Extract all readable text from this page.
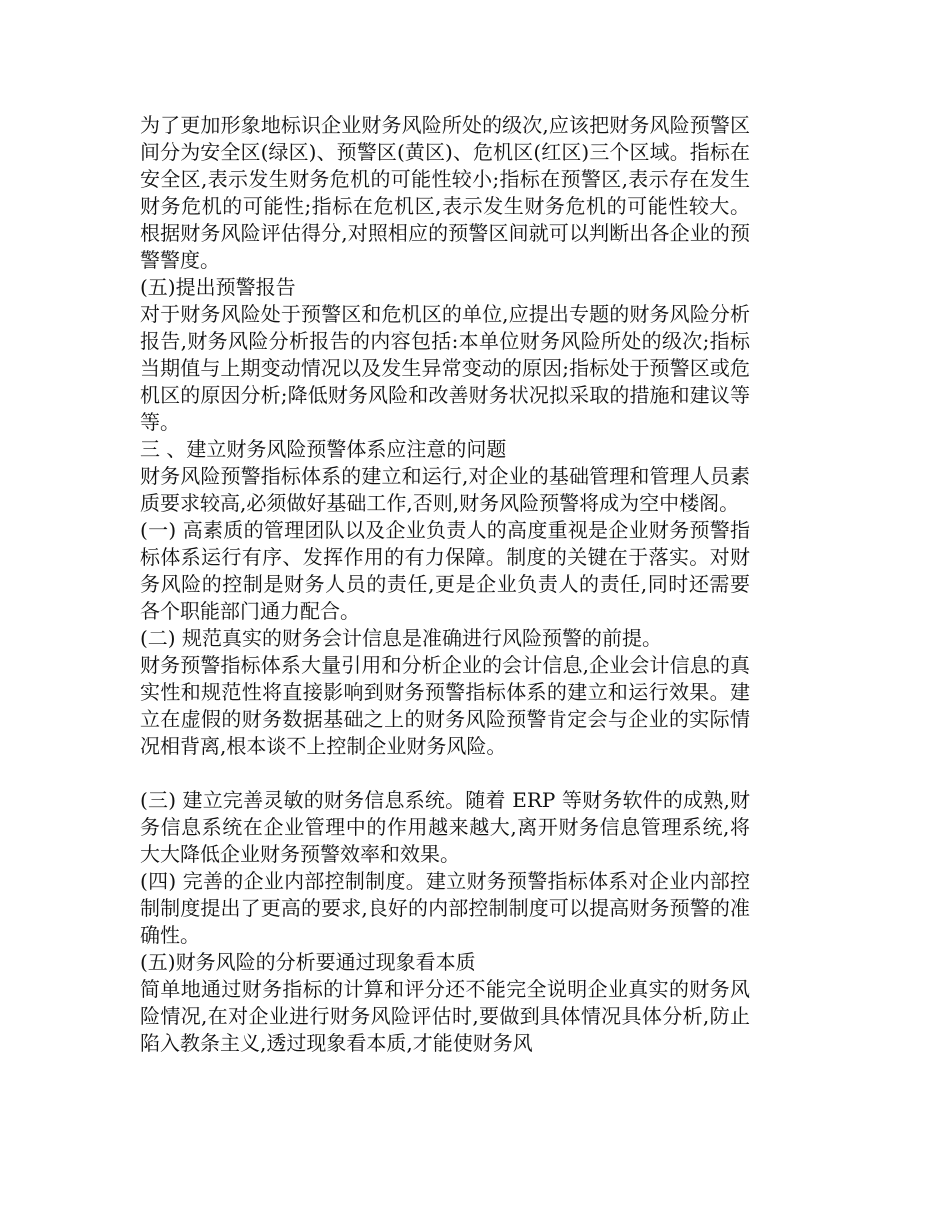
为了更加形象地标识企业财务风险所处的级次,应该把财务风险预警区间分为安全区(绿区)、预警区(黄区)、危机区(红区)三个区域。指标在安全区,表示发生财务危机的可能性较小;指标在预警区,表示存在发生财务危机的可能性;指标在危机区,表示发生财务危机的可能性较大。根据财务风险评估得分,对照相应的预警区间就可以判断出各企业的预警警度。

(五)提出预警报告

对于财务风险处于预警区和危机区的单位,应提出专题的财务风险分析报告,财务风险分析报告的内容包括:本单位财务风险所处的级次;指标当期值与上期变动情况以及发生异常变动的原因;指标处于预警区或危机区的原因分析;降低财务风险和改善财务状况拟采取的措施和建议等等。

三 、建立财务风险预警体系应注意的问题

财务风险预警指标体系的建立和运行,对企业的基础管理和管理人员素质要求较高,必须做好基础工作,否则,财务风险预警将成为空中楼阁。

(一) 高素质的管理团队以及企业负责人的高度重视是企业财务预警指标体系运行有序、发挥作用的有力保障。制度的关键在于落实。对财务风险的控制是财务人员的责任,更是企业负责人的责任,同时还需要各个职能部门通力配合。

(二) 规范真实的财务会计信息是准确进行风险预警的前提。

财务预警指标体系大量引用和分析企业的会计信息,企业会计信息的真实性和规范性将直接影响到财务预警指标体系的建立和运行效果。建立在虚假的财务数据基础之上的财务风险预警肯定会与企业的实际情况相背离,根本谈不上控制企业财务风险。

(三) 建立完善灵敏的财务信息系统。随着 ERP 等财务软件的成熟,财务信息系统在企业管理中的作用越来越大,离开财务信息管理系统,将大大降低企业财务预警效率和效果。

(四) 完善的企业内部控制制度。建立财务预警指标体系对企业内部控制制度提出了更高的要求,良好的内部控制制度可以提高财务预警的准确性。

(五)财务风险的分析要通过现象看本质

简单地通过财务指标的计算和评分还不能完全说明企业真实的财务风险情况,在对企业进行财务风险评估时,要做到具体情况具体分析,防止陷入教条主义,透过现象看本质,才能使财务风
